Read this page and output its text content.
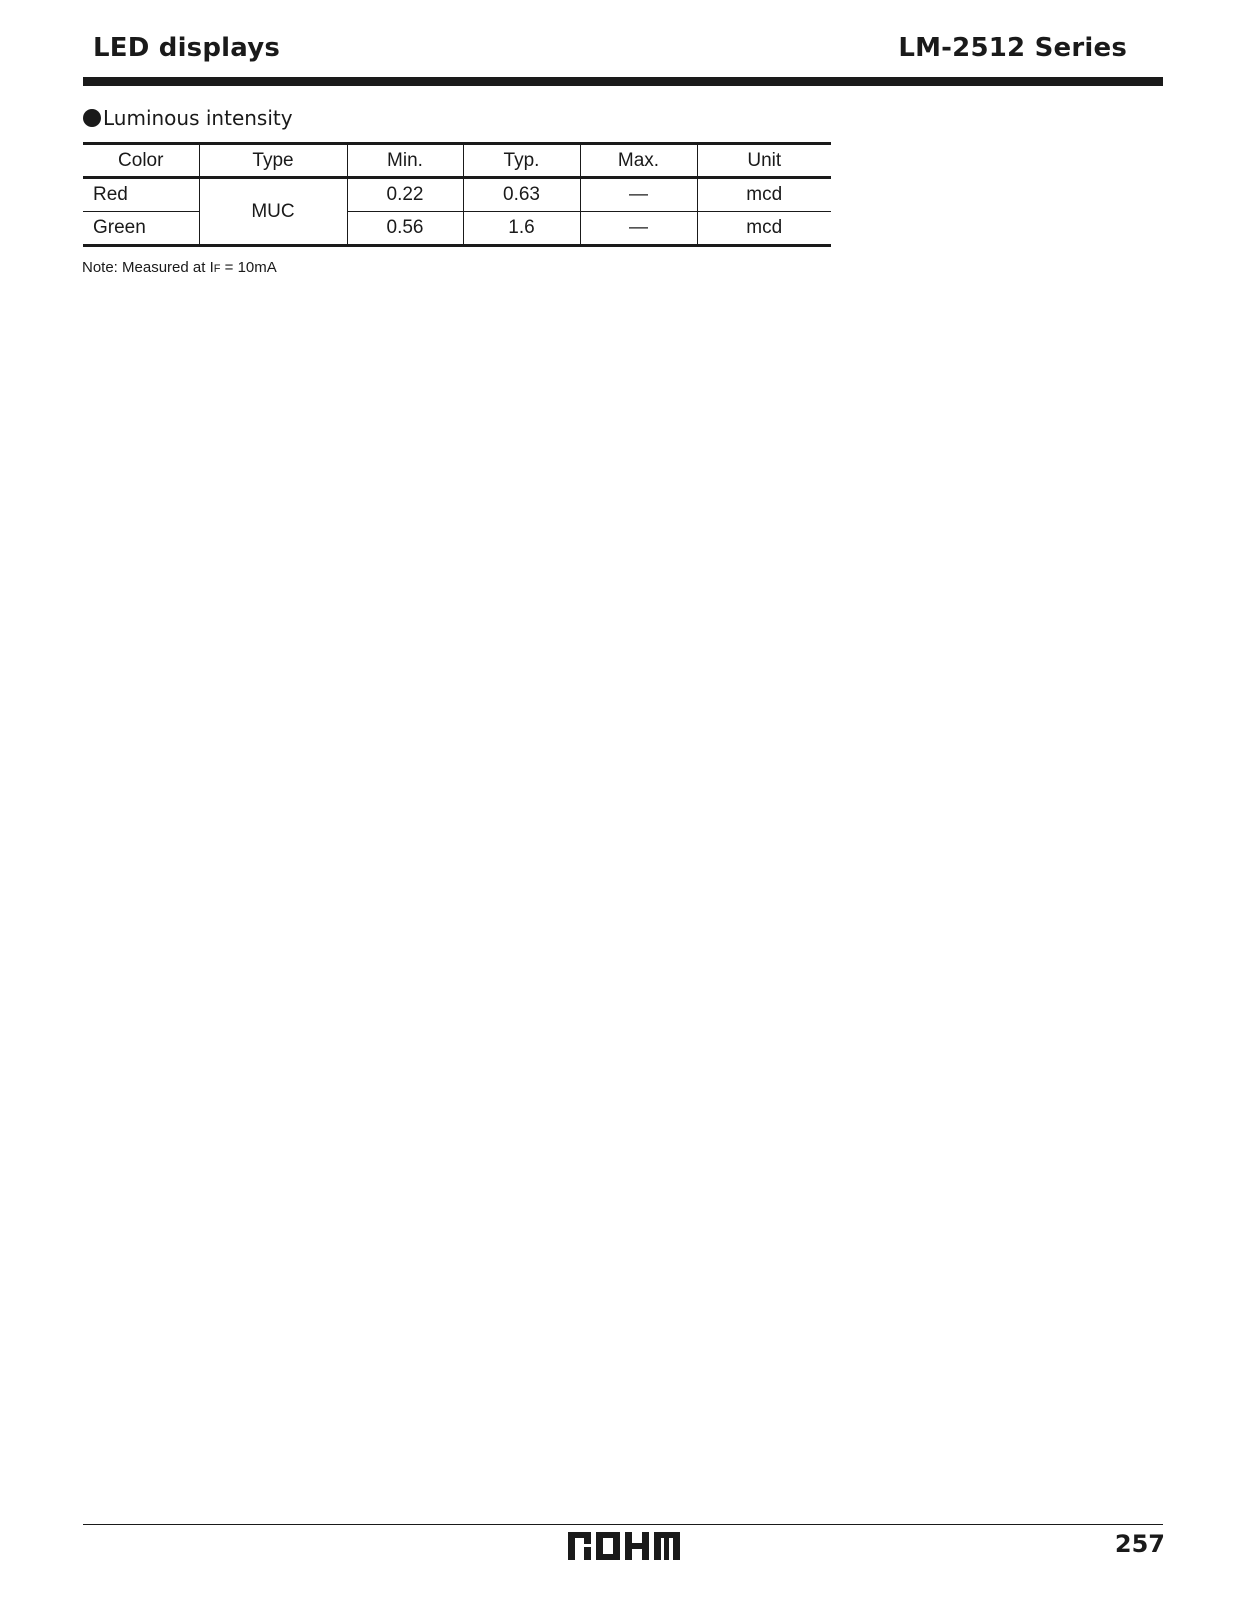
LED displays	LM-2512 Series
Luminous intensity
Color	Type	Min.	Typ.	Max.	Unit
Red	MUC	0.22	0.63	—	mcd
Green		0.56	1.6	—	mcd
Note: Measured at IF = 10mA
257
